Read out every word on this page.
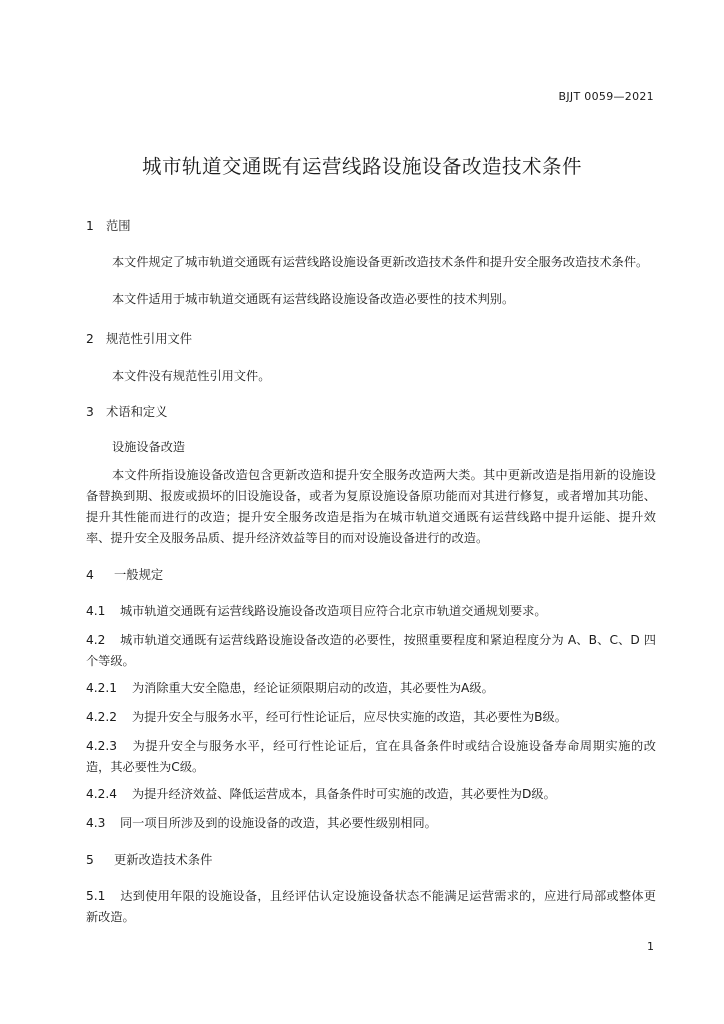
BJJT 0059—2021
城市轨道交通既有运营线路设施设备改造技术条件
1 范围
本文件规定了城市轨道交通既有运营线路设施设备更新改造技术条件和提升安全服务改造技术条件。
本文件适用于城市轨道交通既有运营线路设施设备改造必要性的技术判别。
2 规范性引用文件
本文件没有规范性引用文件。
3 术语和定义
设施设备改造
本文件所指设施设备改造包含更新改造和提升安全服务改造两大类。其中更新改造是指用新的设施设备替换到期、报废或损坏的旧设施设备，或者为复原设施设备原功能而对其进行修复，或者增加其功能、提升其性能而进行的改造；提升安全服务改造是指为在城市轨道交通既有运营线路中提升运能、提升效率、提升安全及服务品质、提升经济效益等目的而对设施设备进行的改造。
4 一般规定
4.1 城市轨道交通既有运营线路设施设备改造项目应符合北京市轨道交通规划要求。
4.2 城市轨道交通既有运营线路设施设备改造的必要性，按照重要程度和紧迫程度分为 A、B、C、D 四个等级。
4.2.1 为消除重大安全隐患，经论证须限期启动的改造，其必要性为A级。
4.2.2 为提升安全与服务水平，经可行性论证后，应尽快实施的改造，其必要性为B级。
4.2.3 为提升安全与服务水平，经可行性论证后，宜在具备条件时或结合设施设备寿命周期实施的改造，其必要性为C级。
4.2.4 为提升经济效益、降低运营成本，具备条件时可实施的改造，其必要性为D级。
4.3 同一项目所涉及到的设施设备的改造，其必要性级别相同。
5 更新改造技术条件
5.1 达到使用年限的设施设备，且经评估认定设施设备状态不能满足运营需求的，应进行局部或整体更新改造。
1
